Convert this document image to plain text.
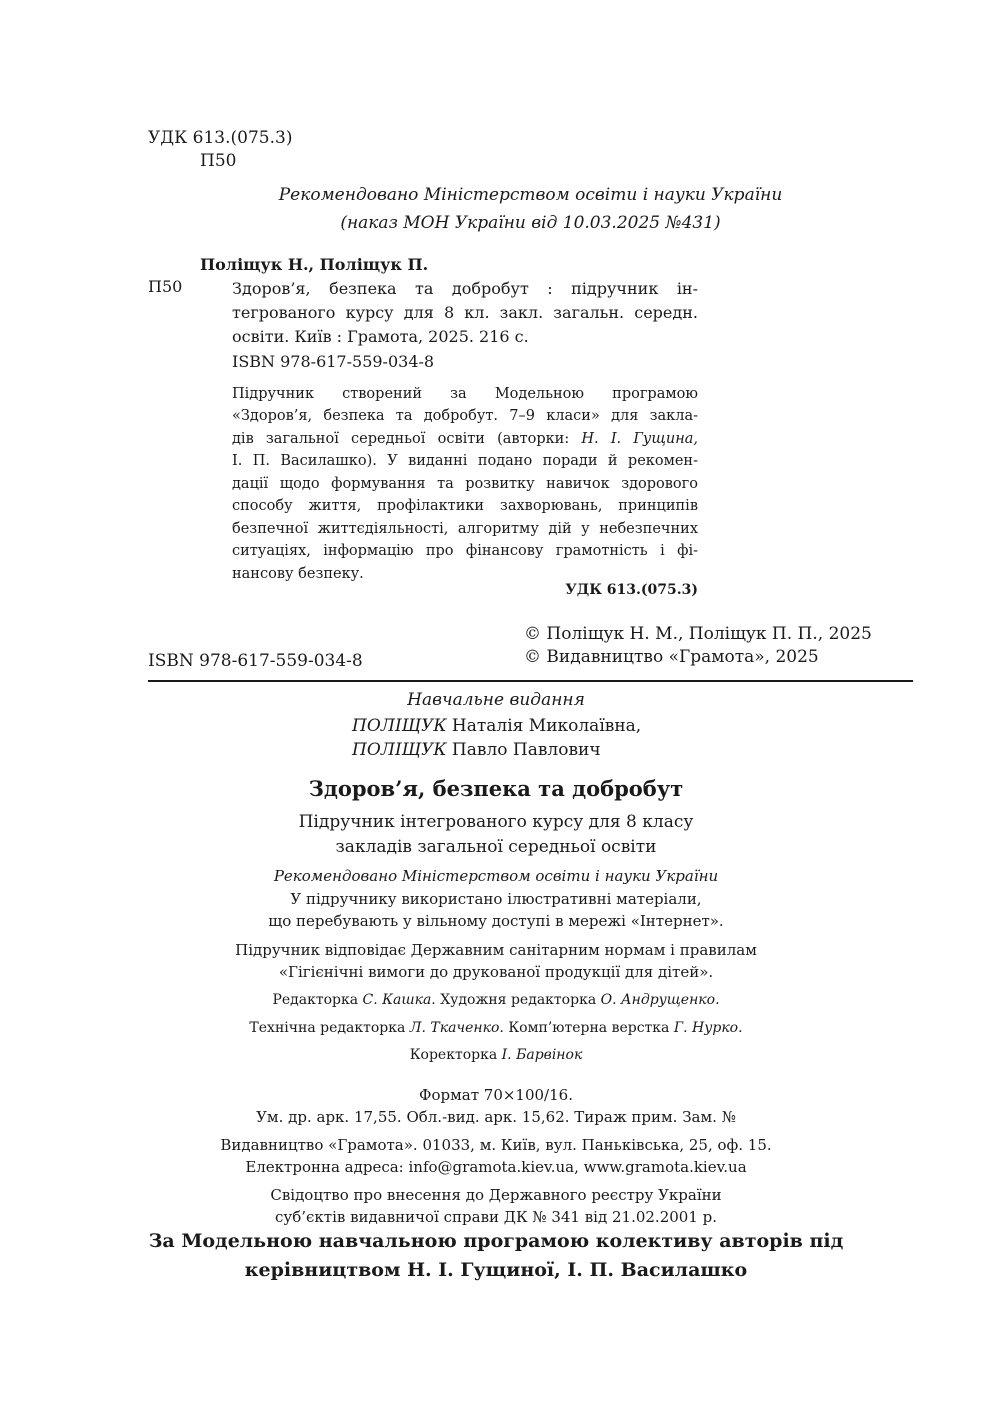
УДК 613.(075.3)
П50
Рекомендовано Міністерством освіти і науки України
(наказ МОН України від 10.03.2025 №431)
Поліщук Н., Поліщук П.
П50	Здоров’я, безпека та добробут : підручник ін-
тегрованого курсу для 8 кл. закл. загальн. середн.
освіти. Київ : Грамота, 2025. 216 с.
ISBN 978-617-559-034-8
Підручник створений за Модельною програмою
«Здоров’я, безпека та добробут. 7–9 класи» для закла-
дів загальної середньої освіти (авторки: Н. І. Гущина,
І. П. Василашко). У виданні подано поради й рекомен-
дації щодо формування та розвитку навичок здорового
способу життя, профілактики захворювань, принципів
безпечної життєдіяльності, алгоритму дій у небезпечних
ситуаціях, інформацію про фінансову грамотність і фі-
нансову безпеку.
УДК 613.(075.3)
ISBN 978-617-559-034-8
© Поліщук Н. М., Поліщук П. П., 2025
© Видавництво «Грамота», 2025
Навчальне видання
ПОЛІЩУК Наталія Миколаївна,
ПОЛІЩУК Павло Павлович
Здоров’я, безпека та добробут
Підручник інтегрованого курсу для 8 класу
закладів загальної середньої освіти
Рекомендовано Міністерством освіти і науки України
У підручнику використано ілюстративні матеріали,
що перебувають у вільному доступі в мережі «Інтернет».
Підручник відповідає Державним санітарним нормам і правилам
«Гігієнічні вимоги до друкованої продукції для дітей».
Редакторка С. Кашка. Художня редакторка О. Андрущенко.
Технічна редакторка Л. Ткаченко. Комп’ютерна верстка Г. Нурко.
Коректорка І. Барвінок
Формат 70×100/16.
Ум. др. арк. 17,55. Обл.-вид. арк. 15,62. Тираж прим. Зам. №
Видавництво «Грамота». 01033, м. Київ, вул. Паньківська, 25, оф. 15.
Електронна адреса: info@gramota.kiev.ua, www.gramota.kiev.ua
Свідоцтво про внесення до Державного реєстру України
суб’єктів видавничої справи ДК № 341 від 21.02.2001 р.
За Модельною навчальною програмою колективу авторів під
керівництвом Н. І. Гущиної, І. П. Василашко
